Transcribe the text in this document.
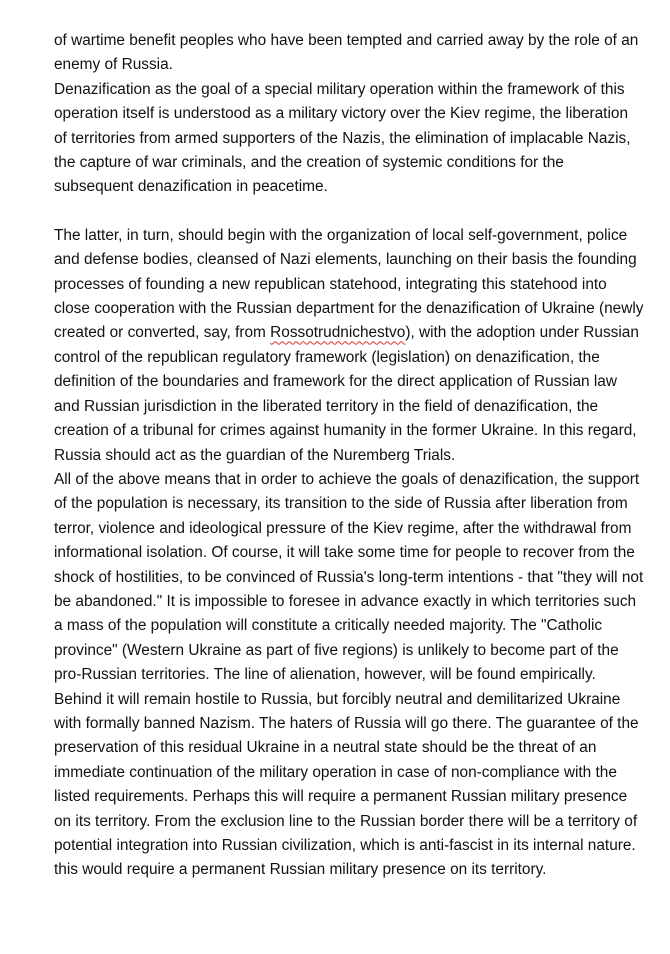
of wartime benefit peoples who have been tempted and carried away by the role of an enemy of Russia.

Denazification as the goal of a special military operation within the framework of this operation itself is understood as a military victory over the Kiev regime, the liberation of territories from armed supporters of the Nazis, the elimination of implacable Nazis, the capture of war criminals, and the creation of systemic conditions for the subsequent denazification in peacetime.

The latter, in turn, should begin with the organization of local self-government, police and defense bodies, cleansed of Nazi elements, launching on their basis the founding processes of founding a new republican statehood, integrating this statehood into close cooperation with the Russian department for the denazification of Ukraine (newly created or converted, say, from Rossotrudnichestvo), with the adoption under Russian control of the republican regulatory framework (legislation) on denazification, the definition of the boundaries and framework for the direct application of Russian law and Russian jurisdiction in the liberated territory in the field of denazification, the creation of a tribunal for crimes against humanity in the former Ukraine. In this regard, Russia should act as the guardian of the Nuremberg Trials.

All of the above means that in order to achieve the goals of denazification, the support of the population is necessary, its transition to the side of Russia after liberation from terror, violence and ideological pressure of the Kiev regime, after the withdrawal from informational isolation. Of course, it will take some time for people to recover from the shock of hostilities, to be convinced of Russia's long-term intentions - that "they will not be abandoned." It is impossible to foresee in advance exactly in which territories such a mass of the population will constitute a critically needed majority. The "Catholic province" (Western Ukraine as part of five regions) is unlikely to become part of the pro-Russian territories. The line of alienation, however, will be found empirically. Behind it will remain hostile to Russia, but forcibly neutral and demilitarized Ukraine with formally banned Nazism. The haters of Russia will go there. The guarantee of the preservation of this residual Ukraine in a neutral state should be the threat of an immediate continuation of the military operation in case of non-compliance with the listed requirements. Perhaps this will require a permanent Russian military presence on its territory. From the exclusion line to the Russian border there will be a territory of potential integration into Russian civilization, which is anti-fascist in its internal nature. this would require a permanent Russian military presence on its territory.
